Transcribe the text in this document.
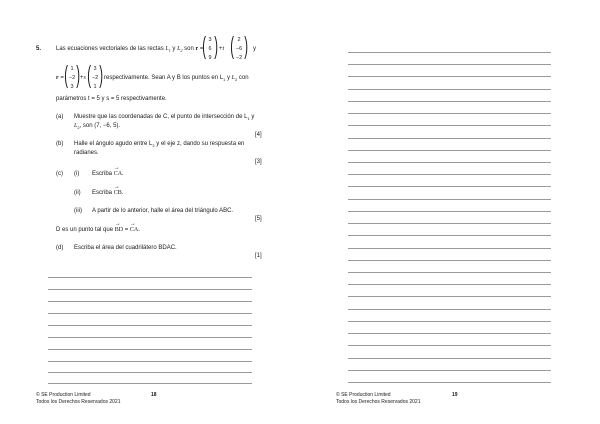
5. Las ecuaciones vectoriales de las rectas $L_1$ y $L_2$ son r =
( 3
6
9 ) +t ( 2
−6
−2 ) y
r = ( 1
−2
3 ) +s ( 3
−2
1 ) respectivamente. Sean A y B los puntos en $L_1$ y $L_2$ con
parámetros t = 5 y s = 5 respectivamente.
(a) Muestre que las coordenadas de C, el punto de intersección de $L_1$ y
$L_2$, son (7, −6, 5).
[4]
(b) Halle el ángulo agudo entre $L_2$ y el eje z, dando su respuesta en
radianes.
[3]
(c) (i) Escriba → CA.
(ii) Escriba → CB.
(iii) A partir de lo anterior, halle el área del triángulo ABC.
[5]
D es un punto tal que → BD = → CA.
(d) Escriba el área del cuadrilátero BDAC.
[1]
© SE Production Limited
Todos los Derechos Reservados 2021
18	© SE Production Limited
Todos los Derechos Reservados 2021
19
